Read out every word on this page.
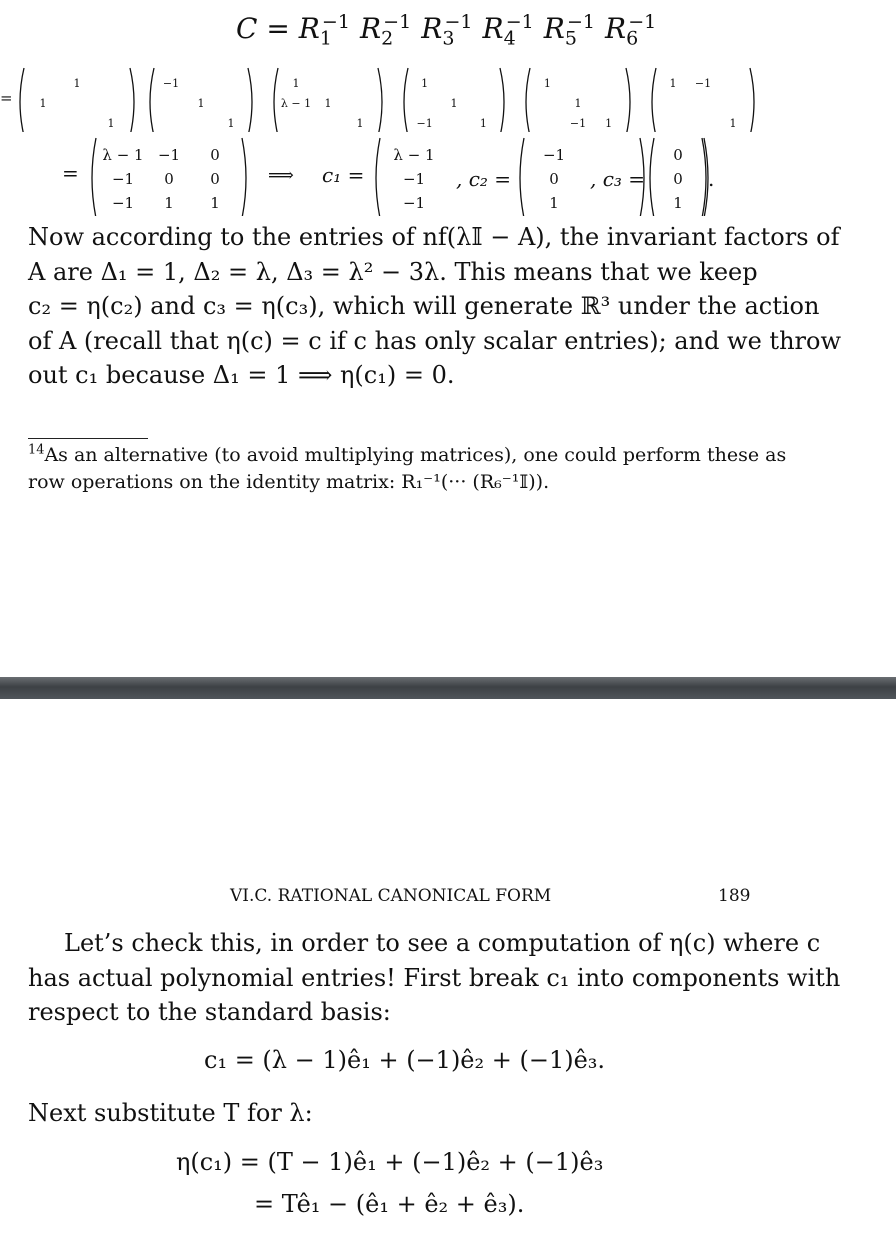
$C = R_1^{-1}$ $R_2^{-1}$ $R_3^{-1}$ $R_4^{-1}$ $R_5^{-1}$ $R_6^{-1}$
=
1
1
1
−1
1
1
1
λ − 1 1
1
1
1
−1	1
1
1
−1 1
1 −1
1
=
λ − 1 −1 0
−1 0 0
−1 1 1
⟹ c₁ =
λ − 1
−1
−1
, c₂ =
−1
0
1
, c₃ =
0
0
1
.
Now according to the entries of nf(λ𝕀 − A), the invariant factors of
A are Δ₁ = 1, Δ₂ = λ, Δ₃ = λ² − 3λ. This means that we keep
c₂ = η(c₂) and c₃ = η(c₃), which will generate ℝ³ under the action
of A (recall that η(c) = c if c has only scalar entries); and we throw
out c₁ because Δ₁ = 1 ⟹ η(c₁) = 0.
$^{14}$As an alternative (to avoid multiplying matrices), one could perform these as
row operations on the identity matrix: R₁⁻¹(··· (R₆⁻¹𝕀)).
VI.C. RATIONAL CANONICAL FORM	189
Let’s check this, in order to see a computation of η(c) where c
has actual polynomial entries! First break c₁ into components with
respect to the standard basis:
c₁ = (λ − 1)ê₁ + (−1)ê₂ + (−1)ê₃.
Next substitute T for λ:
η(c₁) = (T − 1)ê₁ + (−1)ê₂ + (−1)ê₃
= Tê₁ − (ê₁ + ê₂ + ê₃).
